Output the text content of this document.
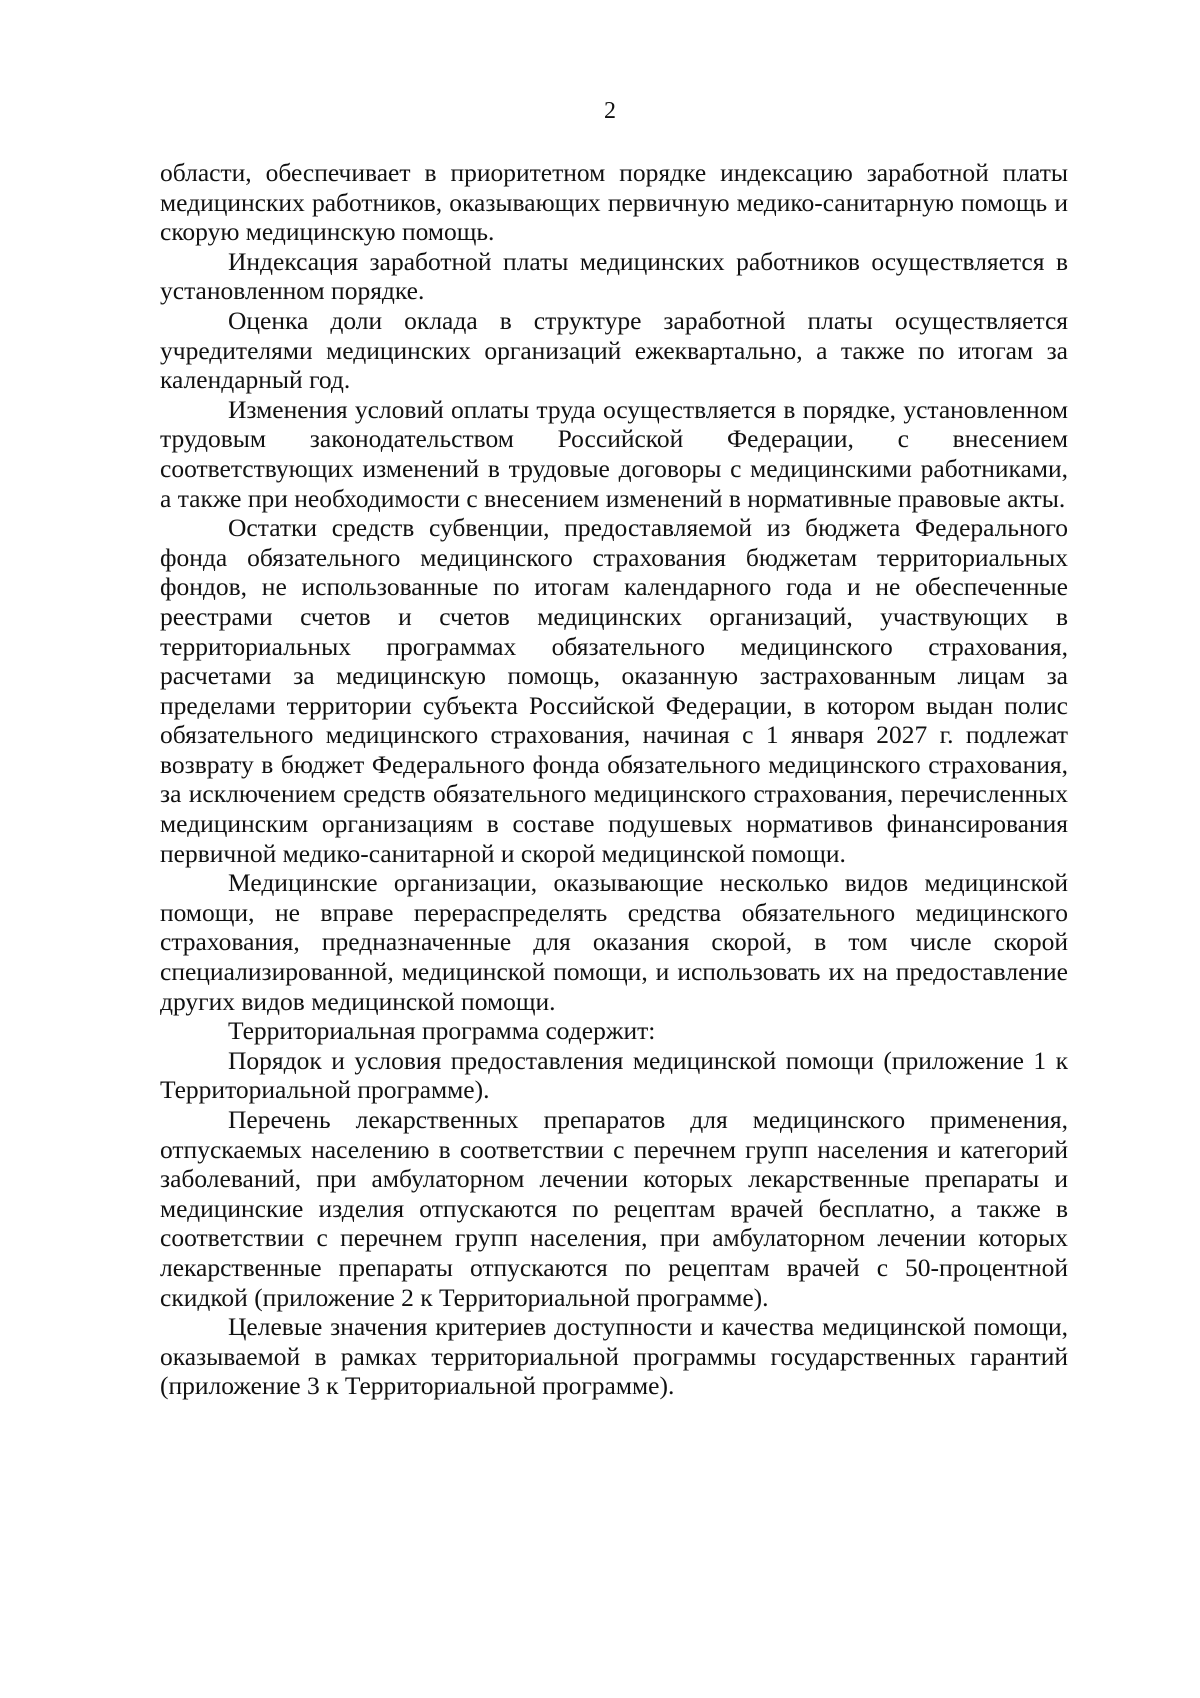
2

области, обеспечивает в приоритетном порядке индексацию заработной платы медицинских работников, оказывающих первичную медико-санитарную помощь и скорую медицинскую помощь.

Индексация заработной платы медицинских работников осуществляется в установленном порядке.

Оценка доли оклада в структуре заработной платы осуществляется учредителями медицинских организаций ежеквартально, а также по итогам за календарный год.

Изменения условий оплаты труда осуществляется в порядке, установленном трудовым законодательством Российской Федерации, с внесением соответствующих изменений в трудовые договоры с медицинскими работниками, а также при необходимости с внесением изменений в нормативные правовые акты.

Остатки средств субвенции, предоставляемой из бюджета Федерального фонда обязательного медицинского страхования бюджетам территориальных фондов, не использованные по итогам календарного года и не обеспеченные реестрами счетов и счетов медицинских организаций, участвующих в территориальных программах обязательного медицинского страхования, расчетами за медицинскую помощь, оказанную застрахованным лицам за пределами территории субъекта Российской Федерации, в котором выдан полис обязательного медицинского страхования, начиная с 1 января 2027 г. подлежат возврату в бюджет Федерального фонда обязательного медицинского страхования, за исключением средств обязательного медицинского страхования, перечисленных медицинским организациям в составе подушевых нормативов финансирования первичной медико-санитарной и скорой медицинской помощи.

Медицинские организации, оказывающие несколько видов медицинской помощи, не вправе перераспределять средства обязательного медицинского страхования, предназначенные для оказания скорой, в том числе скорой специализированной, медицинской помощи, и использовать их на предоставление других видов медицинской помощи.

Территориальная программа содержит:

Порядок и условия предоставления медицинской помощи (приложение 1 к Территориальной программе).

Перечень лекарственных препаратов для медицинского применения, отпускаемых населению в соответствии с перечнем групп населения и категорий заболеваний, при амбулаторном лечении которых лекарственные препараты и медицинские изделия отпускаются по рецептам врачей бесплатно, а также в соответствии с перечнем групп населения, при амбулаторном лечении которых лекарственные препараты отпускаются по рецептам врачей с 50-процентной скидкой (приложение 2 к Территориальной программе).

Целевые значения критериев доступности и качества медицинской помощи, оказываемой в рамках территориальной программы государственных гарантий (приложение 3 к Территориальной программе).
